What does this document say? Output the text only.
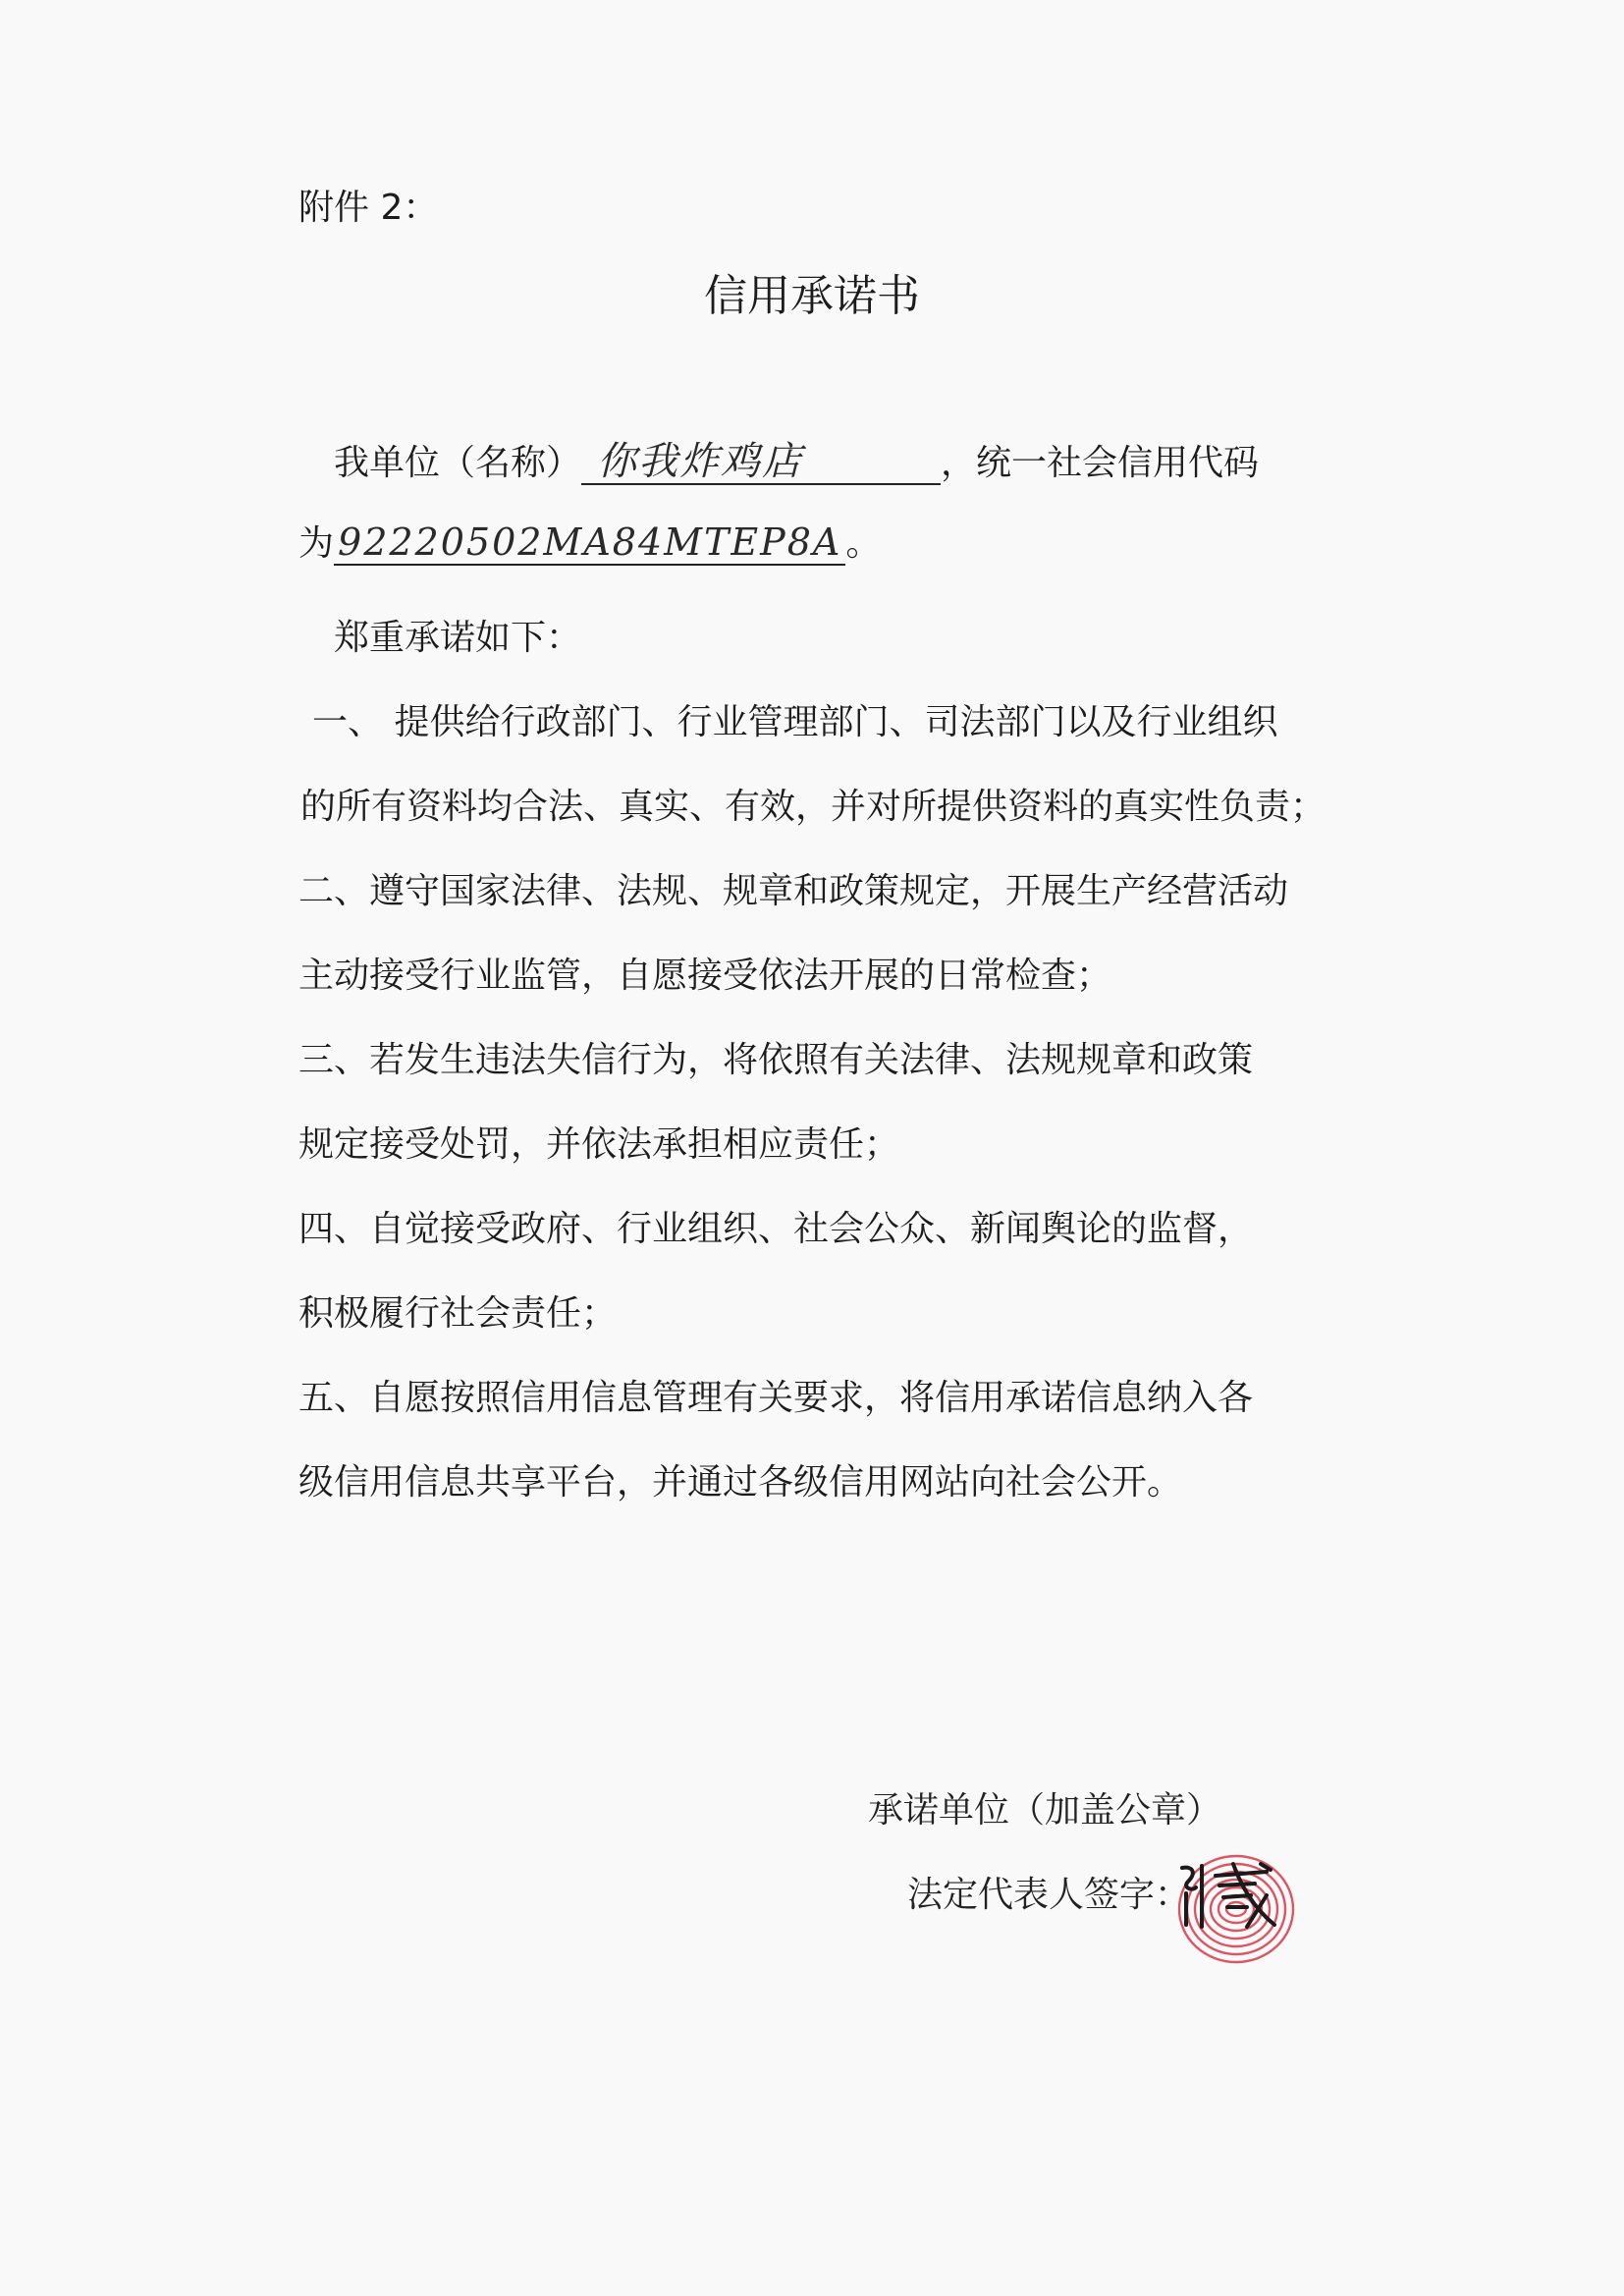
附件 2：
信用承诺书
我单位（名称） 你我炸鸡店	，统一社会信用代码
为 92220502MA84MTEP8A 。
郑重承诺如下：
一、 提供给行政部门、行业管理部门、司法部门以及行业组织
的所有资料均合法、真实、有效，并对所提供资料的真实性负责；
二、遵守国家法律、法规、规章和政策规定，开展生产经营活动
主动接受行业监管，自愿接受依法开展的日常检查；
三、若发生违法失信行为，将依照有关法律、法规规章和政策
规定接受处罚，并依法承担相应责任；
四、自觉接受政府、行业组织、社会公众、新闻舆论的监督，
积极履行社会责任；
五、自愿按照信用信息管理有关要求，将信用承诺信息纳入各
级信用信息共享平台，并通过各级信用网站向社会公开。
承诺单位（加盖公章）
法定代表人签字：
